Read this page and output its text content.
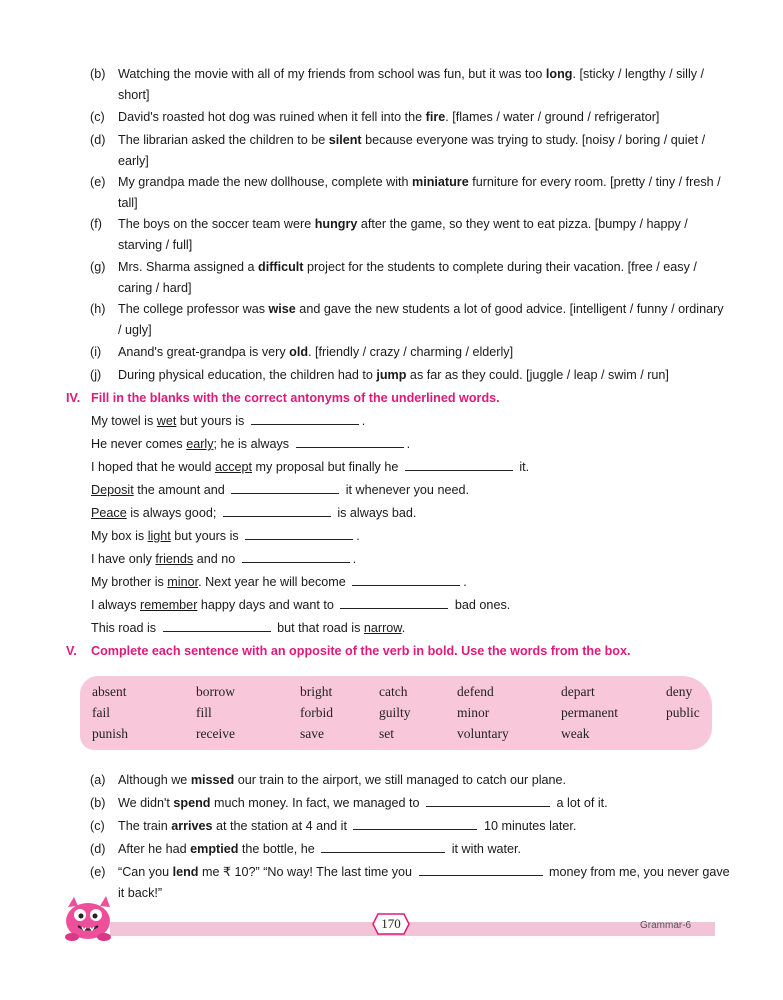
(b) Watching the movie with all of my friends from school was fun, but it was too long. [sticky / lengthy / silly / short]
(c)	David's roasted hot dog was ruined when it fell into the fire. [flames / water / ground / refrigerator]
(d) The librarian asked the children to be silent because everyone was trying to study. [noisy / boring / quiet / early]
(e) My grandpa made the new dollhouse, complete with miniature furniture for every room. [pretty / tiny / fresh / tall]
(f)	The boys on the soccer team were hungry after the game, so they went to eat pizza. [bumpy / happy / starving / full]
(g) Mrs. Sharma assigned a difficult project for the students to complete during their vacation. [free / easy / caring / hard]
(h) The college professor was wise and gave the new students a lot of good advice. [intelligent / funny / ordinary / ugly]
(i)	Anand's great-grandpa is very old. [friendly / crazy / charming / elderly]
(j)	During physical education, the children had to jump as far as they could. [juggle / leap / swim / run]
IV. Fill in the blanks with the correct antonyms of the underlined words.
My towel is wet but yours is	.
He never comes early; he is always	.
I hoped that he would accept my proposal but finally he	it.
Deposit the amount and	it whenever you need.
Peace is always good;	is always bad.
My box is light but yours is	.
I have only friends and no	.
My brother is minor. Next year he will become	.
I always remember happy days and want to	bad ones.
This road is	but that road is narrow.
V. Complete each sentence with an opposite of the verb in bold. Use the words from the box.
absent	borrow	bright	catch	defend	depart	deny
fail	fill	forbid	guilty	minor	permanent	public
punish	receive	save	set	voluntary	weak
(a) Although we missed our train to the airport, we still managed to catch our plane.
(b) We didn't spend much money. In fact, we managed to	a lot of it.
(c)	The train arrives at the station at 4 and it	10 minutes later.
(d) After he had emptied the bottle, he	it with water.
(e) “Can you lend me ₹ 10?” “No way! The last time you	money from me, you never gave it back!”
170	Grammar-6
